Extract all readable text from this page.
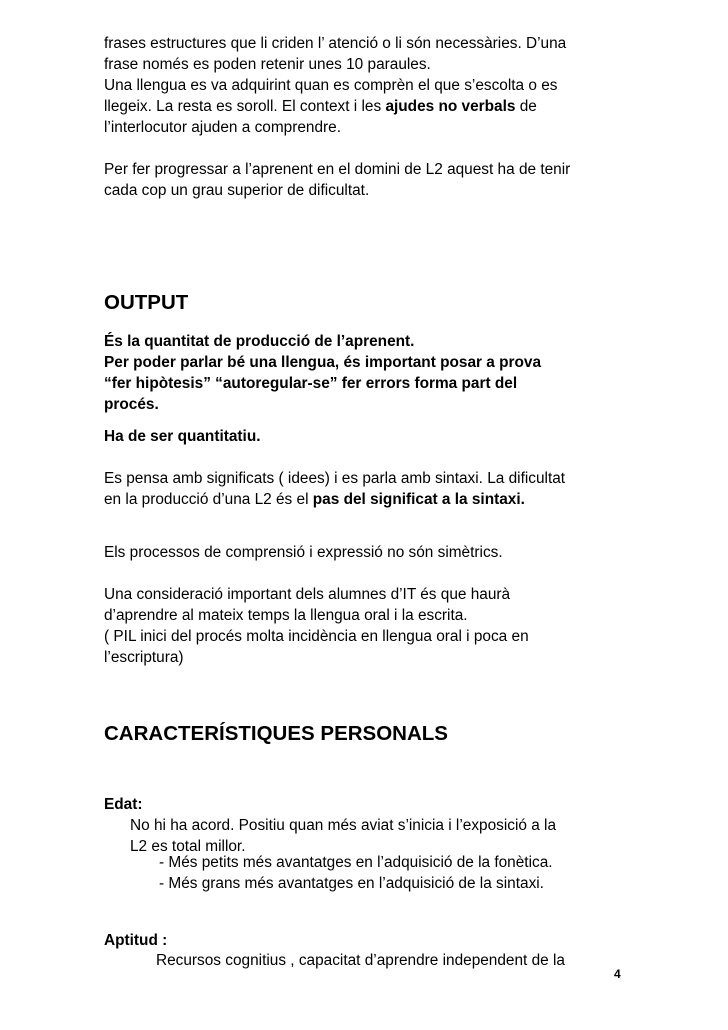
frases estructures que li criden l’ atenció o li són necessàries. D’una
frase només es poden retenir unes 10 paraules.
Una llengua es va adquirint quan es comprèn el que s’escolta o es
llegeix. La resta es soroll. El context i les ajudes no verbals de
l’interlocutor ajuden a comprendre.
Per fer progressar a l’aprenent en el domini de L2 aquest ha de tenir
cada cop un grau superior de dificultat.
OUTPUT
És la quantitat de producció de l’aprenent.
Per poder parlar bé una llengua, és important posar a prova
“fer hipòtesis” “autoregular-se” fer errors forma part del
procés.
Ha de ser quantitatiu.
Es pensa amb significats ( idees) i es parla amb sintaxi. La dificultat
en la producció d’una L2 és el pas del significat a la sintaxi.
Els processos de comprensió i expressió no són simètrics.
Una consideració important dels alumnes d’IT és que haurà
d’aprendre al mateix temps la llengua oral i la escrita.
( PIL inici del procés molta incidència en llengua oral i poca en
l’escriptura)
CARACTERÍSTIQUES PERSONALS
Edat:
No hi ha acord. Positiu quan més aviat s’inicia i l’exposició a la
L2 es total millor.
- Més petits més avantatges en l’adquisició de la fonètica.
- Més grans més avantatges en l’adquisició de la sintaxi.
Aptitud :
Recursos cognitius , capacitat d’aprendre independent de la
4
